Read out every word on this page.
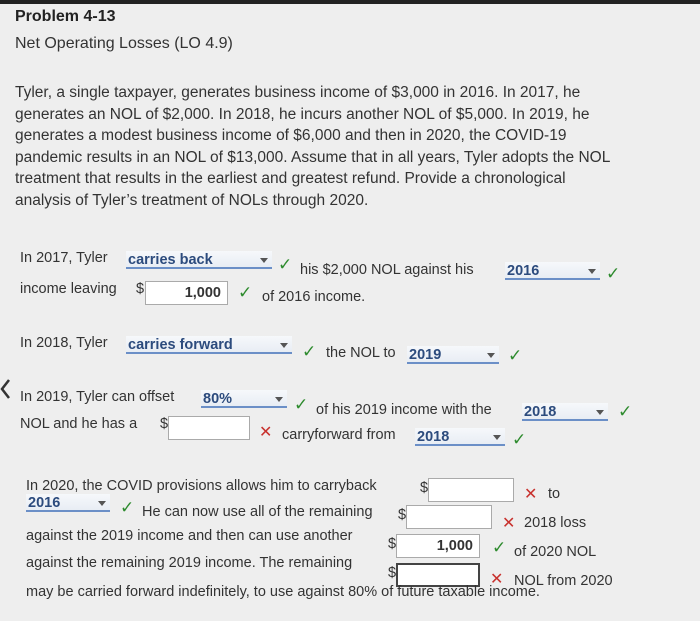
Problem 4-13
Net Operating Losses (LO 4.9)
Tyler, a single taxpayer, generates business income of $3,000 in 2016. In 2017, he
generates an NOL of $2,000. In 2018, he incurs another NOL of $5,000. In 2019, he
generates a modest business income of $6,000 and then in 2020, the COVID-19
pandemic results in an NOL of $13,000. Assume that in all years, Tyler adopts the NOL
treatment that results in the earliest and greatest refund. Provide a chronological
analysis of Tyler’s treatment of NOLs through 2020.
In 2017, Tyler carries back	✓ his $2,000 NOL against his 2016	✓
income leaving $	1,000	✓ of 2016 income.
In 2018, Tyler carries forward	✓ the NOL to 2019	✓
In 2019, Tyler can offset 80%	✓ of his 2019 income with the 2018	✓
NOL and he has a $	✕ carryforward from 2018	✓
In 2020, the COVID provisions allows him to carryback	$	✕ to
2016	✓ He can now use all of the remaining $	✕ 2018 loss
against the 2019 income and then can use another $	1,000	✓ of 2020 NOL
against the remaining 2019 income. The remaining
$	✕ NOL from 2020
may be carried forward indefinitely, to use against 80% of future taxable income.
